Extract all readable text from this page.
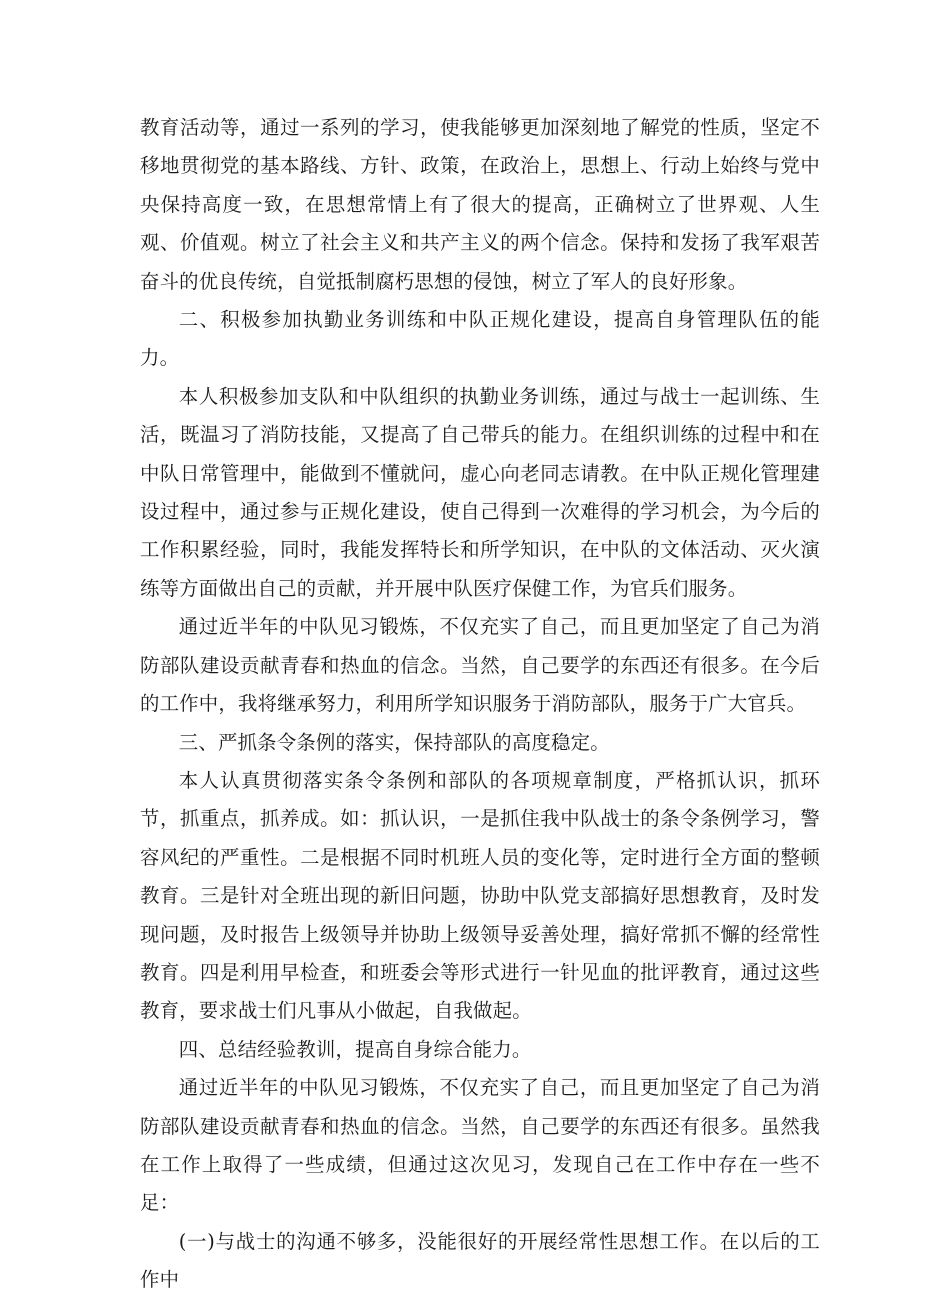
教育活动等，通过一系列的学习，使我能够更加深刻地了解党的性质，坚定不移地贯彻党的基本路线、方针、政策，在政治上，思想上、行动上始终与党中央保持高度一致，在思想常情上有了很大的提高，正确树立了世界观、人生观、价值观。树立了社会主义和共产主义的两个信念。保持和发扬了我军艰苦奋斗的优良传统，自觉抵制腐朽思想的侵蚀，树立了军人的良好形象。

二、积极参加执勤业务训练和中队正规化建设，提高自身管理队伍的能力。

本人积极参加支队和中队组织的执勤业务训练，通过与战士一起训练、生活，既温习了消防技能，又提高了自己带兵的能力。在组织训练的过程中和在中队日常管理中，能做到不懂就问，虚心向老同志请教。在中队正规化管理建设过程中，通过参与正规化建设，使自己得到一次难得的学习机会，为今后的工作积累经验，同时，我能发挥特长和所学知识，在中队的文体活动、灭火演练等方面做出自己的贡献，并开展中队医疗保健工作，为官兵们服务。

通过近半年的中队见习锻炼，不仅充实了自己，而且更加坚定了自己为消防部队建设贡献青春和热血的信念。当然，自己要学的东西还有很多。在今后的工作中，我将继承努力，利用所学知识服务于消防部队，服务于广大官兵。

三、严抓条令条例的落实，保持部队的高度稳定。

本人认真贯彻落实条令条例和部队的各项规章制度，严格抓认识，抓环节，抓重点，抓养成。如：抓认识，一是抓住我中队战士的条令条例学习，警容风纪的严重性。二是根据不同时机班人员的变化等，定时进行全方面的整顿教育。三是针对全班出现的新旧问题，协助中队党支部搞好思想教育，及时发现问题，及时报告上级领导并协助上级领导妥善处理，搞好常抓不懈的经常性教育。四是利用早检查，和班委会等形式进行一针见血的批评教育，通过这些教育，要求战士们凡事从小做起，自我做起。

四、总结经验教训，提高自身综合能力。

通过近半年的中队见习锻炼，不仅充实了自己，而且更加坚定了自己为消防部队建设贡献青春和热血的信念。当然，自己要学的东西还有很多。虽然我在工作上取得了一些成绩，但通过这次见习，发现自己在工作中存在一些不足：

(一)与战士的沟通不够多，没能很好的开展经常性思想工作。在以后的工作中
